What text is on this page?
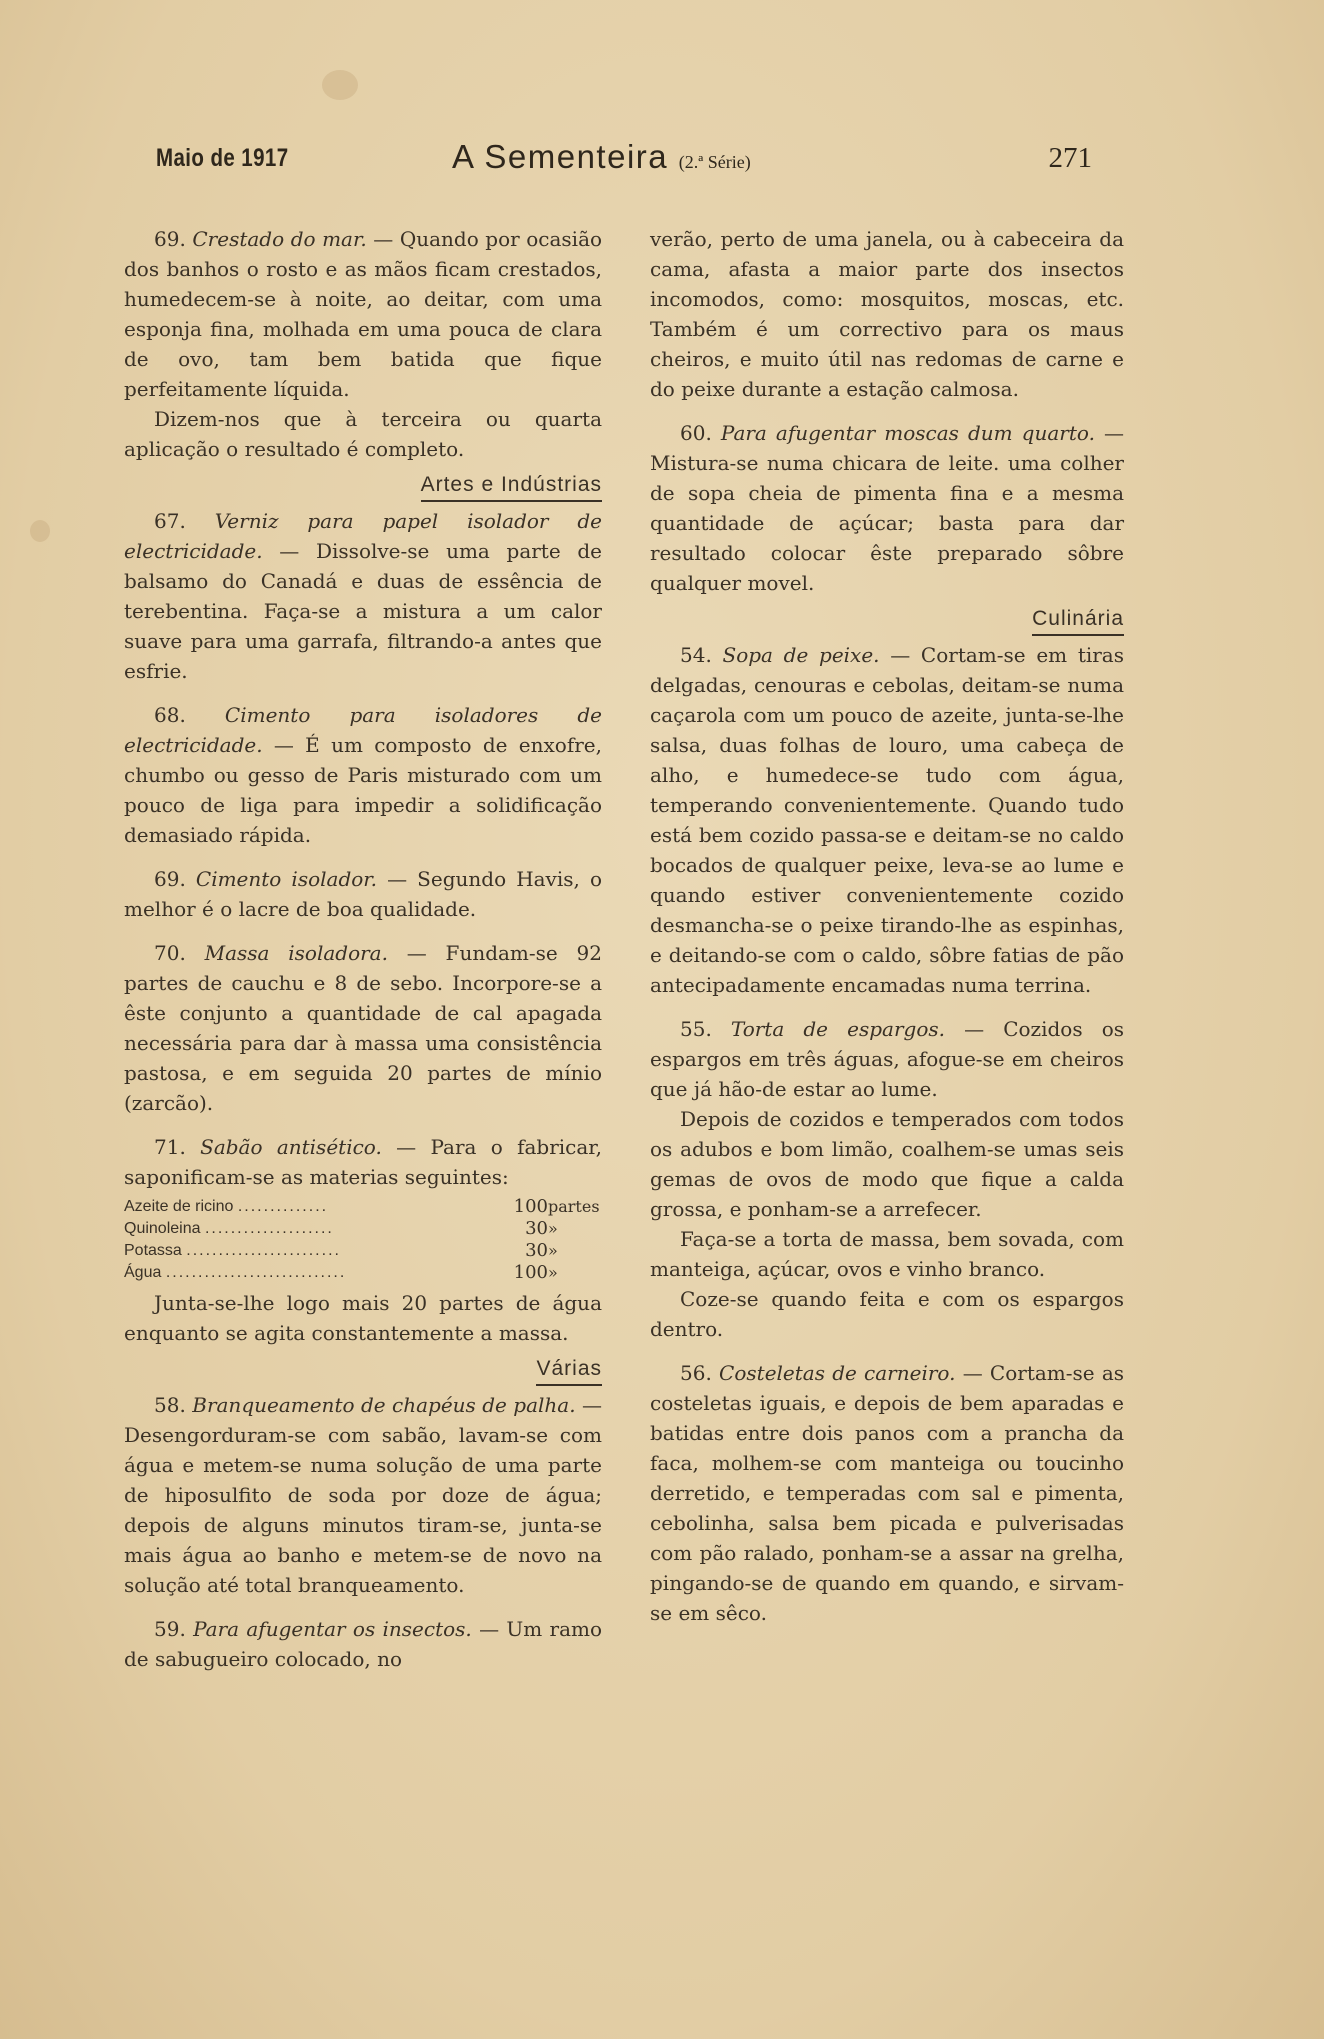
Maio de 1917	A Sementeira (2.ª Série)	271

69. Crestado do mar. — Quando por ocasião dos banhos o rosto e as mãos ficam crestados, humedecem-se à noite, ao deitar, com uma esponja fina, molhada em uma pouca de clara de ovo, tam bem batida que fique perfeitamente líquida.

Dizem-nos que à terceira ou quarta aplicação o resultado é completo.

Artes e Indústrias

67. Verniz para papel isolador de electricidade. — Dissolve-se uma parte de balsamo do Canadá e duas de essência de terebentina. Faça-se a mistura a um calor suave para uma garrafa, filtrando-a antes que esfrie.

68. Cimento para isoladores de electricidade. — É um composto de enxofre, chumbo ou gesso de Paris misturado com um pouco de liga para impedir a solidificação demasiado rápida.

69. Cimento isolador. — Segundo Havis, o melhor é o lacre de boa qualidade.

70. Massa isoladora. — Fundam-se 92 partes de cauchu e 8 de sebo. Incorpore-se a êste conjunto a quantidade de cal apagada necessária para dar à massa uma consistência pastosa, e em seguida 20 partes de mínio (zarcão).

71. Sabão antisético. — Para o fabricar, saponificam-se as materias seguintes:

Azeite de ricino ..............	100	partes
Quinoleina ....................	30	»
Potassa ........................	30	»
Água ............................	100	»

Junta-se-lhe logo mais 20 partes de água enquanto se agita constantemente a massa.

Várias

58. Branqueamento de chapéus de palha. — Desengorduram-se com sabão, lavam-se com água e metem-se numa solução de uma parte de hiposulfito de soda por doze de água; depois de alguns minutos tiram-se, junta-se mais água ao banho e metem-se de novo na solução até total branqueamento.

59. Para afugentar os insectos. — Um ramo de sabugueiro colocado, no

verão, perto de uma janela, ou à cabeceira da cama, afasta a maior parte dos insectos incomodos, como: mosquitos, moscas, etc. Também é um correctivo para os maus cheiros, e muito útil nas redomas de carne e do peixe durante a estação calmosa.

60. Para afugentar moscas dum quarto. — Mistura-se numa chicara de leite. uma colher de sopa cheia de pimenta fina e a mesma quantidade de açúcar; basta para dar resultado colocar êste preparado sôbre qualquer movel.

Culinária

54. Sopa de peixe. — Cortam-se em tiras delgadas, cenouras e cebolas, deitam-se numa caçarola com um pouco de azeite, junta-se-lhe salsa, duas folhas de louro, uma cabeça de alho, e humedece-se tudo com água, temperando convenientemente. Quando tudo está bem cozido passa-se e deitam-se no caldo bocados de qualquer peixe, leva-se ao lume e quando estiver convenientemente cozido desmancha-se o peixe tirando-lhe as espinhas, e deitando-se com o caldo, sôbre fatias de pão antecipadamente encamadas numa terrina.

55. Torta de espargos. — Cozidos os espargos em três águas, afogue-se em cheiros que já hão-de estar ao lume.

Depois de cozidos e temperados com todos os adubos e bom limão, coalhem-se umas seis gemas de ovos de modo que fique a calda grossa, e ponham-se a arrefecer.

Faça-se a torta de massa, bem sovada, com manteiga, açúcar, ovos e vinho branco.

Coze-se quando feita e com os espargos dentro.

56. Costeletas de carneiro. — Cortam-se as costeletas iguais, e depois de bem aparadas e batidas entre dois panos com a prancha da faca, molhem-se com manteiga ou toucinho derretido, e temperadas com sal e pimenta, cebolinha, salsa bem picada e pulverisadas com pão ralado, ponham-se a assar na grelha, pingando-se de quando em quando, e sirvam-se em sêco.
